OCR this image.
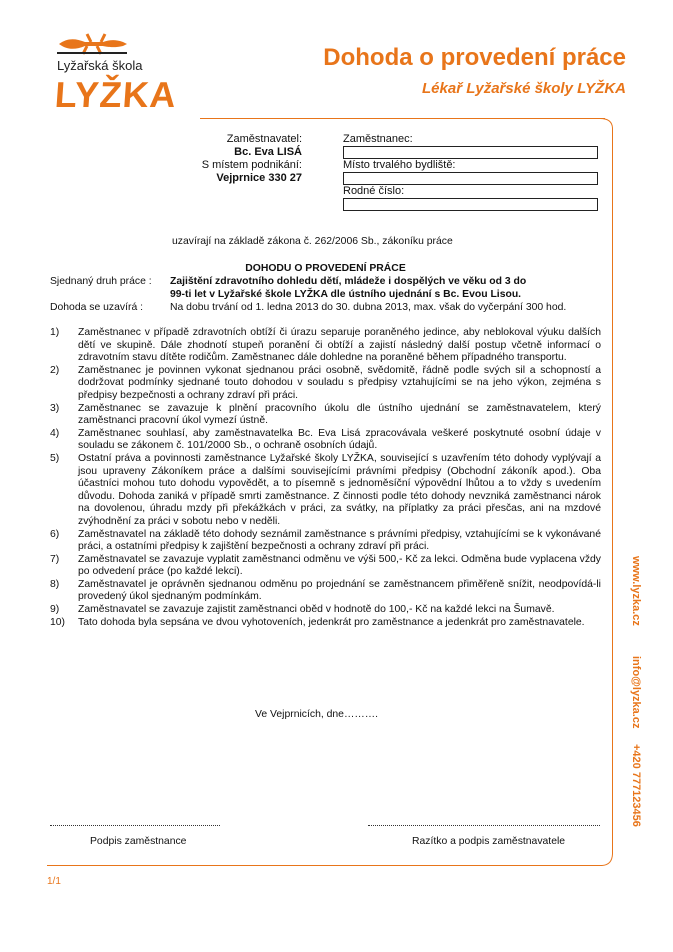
Lyžařská škola
LYŽKA
Dohoda o provedení práce
Lékař Lyžařské školy LYŽKA
Zaměstnavatel:
Bc. Eva LISÁ
S místem podnikání:
Vejprnice 330 27
Zaměstnanec:
Místo trvalého bydliště:
Rodné číslo:
uzavírají na základě zákona č. 262/2006 Sb., zákoníku práce
DOHODU O PROVEDENÍ PRÁCE
Sjednaný druh práce : Zajištění zdravotního dohledu dětí, mládeže i dospělých ve věku od 3 do
99-ti let v Lyžařské škole LYŽKA dle ústního ujednání s Bc. Evou Lisou.
Dohoda se uzavírá :	Na dobu trvání od 1. ledna 2013 do 30. dubna 2013, max. však do vyčerpání 300 hod.
1) Zaměstnanec v případě zdravotních obtíží či úrazu separuje poraněného jedince, aby neblokoval výuku dalších dětí ve skupině. Dále zhodnotí stupeň poranění či obtíží a zajistí následný další postup včetně informací o zdravotním stavu dítěte rodičům. Zaměstnanec dále dohledne na poraněné během případného transportu.
2) Zaměstnanec je povinnen vykonat sjednanou práci osobně, svědomitě, řádně podle svých sil a schopností a dodržovat podmínky sjednané touto dohodou v souladu s předpisy vztahujícími se na jeho výkon, zejména s předpisy bezpečnosti a ochrany zdraví při práci.
3) Zaměstnanec se zavazuje k plnění pracovního úkolu dle ústního ujednání se zaměstnavatelem, který zaměstnanci pracovní úkol vymezí ústně.
4) Zaměstnanec souhlasí, aby zaměstnavatelka Bc. Eva Lisá zpracovávala veškeré poskytnuté osobní údaje v souladu se zákonem č. 101/2000 Sb., o ochraně osobních údajů.
5) Ostatní práva a povinnosti zaměstnance Lyžařské školy LYŽKA, související s uzavřením této dohody vyplývají a jsou upraveny Zákoníkem práce a dalšími souvisejícími právními předpisy (Obchodní zákoník apod.). Oba účastníci mohou tuto dohodu vypovědět, a to písemně s jednoměsíční výpovědní lhůtou a to vždy s uvedením důvodu. Dohoda zaniká v případě smrti zaměstnance. Z činnosti podle této dohody nevzniká zaměstnanci nárok na dovolenou, úhradu mzdy při překážkách v práci, za svátky, na příplatky za práci přesčas, ani na mzdové zvýhodnění za práci v sobotu nebo v neděli.
6) Zaměstnavatel na základě této dohody seznámil zaměstnance s právními předpisy, vztahujícími se k vykonávané práci, a ostatními předpisy k zajištění bezpečnosti a ochrany zdraví při práci.
7) Zaměstnavatel se zavazuje vyplatit zaměstnanci odměnu ve výši 500,- Kč za lekci. Odměna bude vyplacena vždy po odvedení práce (po každé lekci).
8) Zaměstnavatel je oprávněn sjednanou odměnu po projednání se zaměstnancem přiměřeně snížit, neodpovídá-li provedený úkol sjednaným podmínkám.
9) Zaměstnavatel se zavazuje zajistit zaměstnanci oběd v hodnotě do 100,- Kč na každé lekci na Šumavě.
10) Tato dohoda byla sepsána ve dvou vyhotoveních, jedenkrát pro zaměstnance a jedenkrát pro zaměstnavatele.
Ve Vejprnicích, dne……….
Podpis zaměstnance	Razítko a podpis zaměstnavatele
1/1
www.lyzka.cz
info@lyzka.cz
+420 777123456
